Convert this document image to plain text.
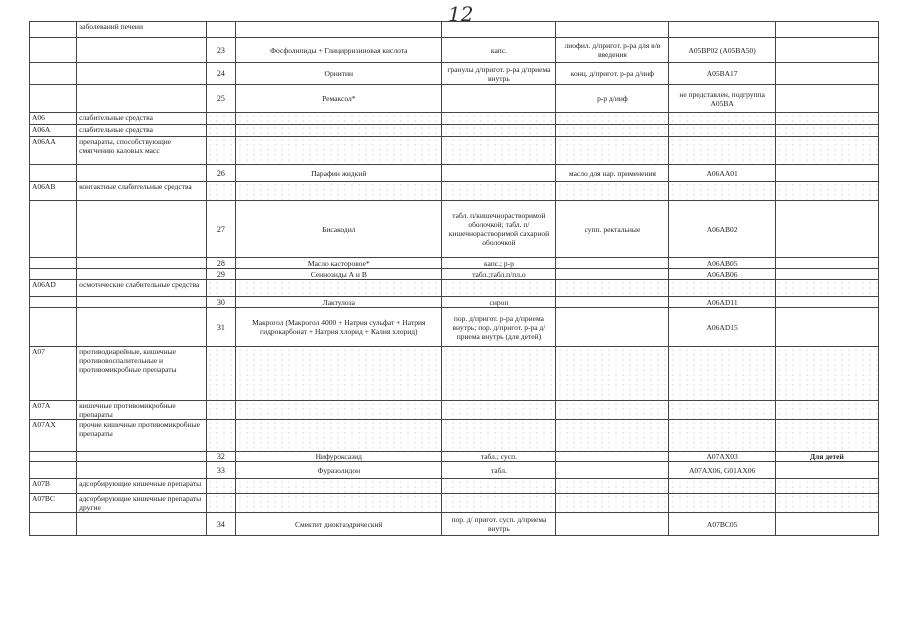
12
	заболеваний печени						
		23	Фосфолипиды + Глицирризиновая кислота	капс.	лиофил. д/пригот. р-ра для в/в введения	A05BP02 (A05BA50)	
		24	Орнитин	гранулы д/пригот. р-ра д/приема внутрь	конц. д/пригот. р-ра д/инф	A05BA17	
		25	Ремаксол*		р-р д/инф	не представлен, подгруппа A05BA	
A06	слабительные средства						
A06A	слабительные средства						
A06AA	препараты, способствующие смягчению каловых масс						
		26	Парафин жидкий		масло для нар. применения	A06AA01	
A06AB	контактные слабительные средства						
		27	Бисакодил	табл. п/кишечнорастворимой оболочкой; табл. п/кишечнорастворимой сахарной оболочкой	супп. ректальные	A06AB02	
		28	Масло касторовое*	капс.; р-р		A06AB05	
		29	Сеннозиды А и В	табл.;табл.п/пл.о		A06AB06	
A06AD	осмотические слабительные средства						
		30	Лактулоза	сироп		A06AD11	
		31	Макрогол (Макрогол 4000 + Натрия сульфат + Натрия гидрокарбонат + Натрия хлорид + Калия хлорид)	пор. д/пригот. р-ра д/приема внутрь; пор. д/пригот. р-ра д/приема внутрь (для детей)		A06AD15	
A07	противодиарейные, кишечные противовоспалительные и противомикробные препараты						
A07A	кишечные противомикробные препараты						
A07AX	прочие кишечные противомикробные препараты						
		32	Нифуроксазид	табл.; сусп.		A07AX03	Для детей
		33	Фуразолидон	табл.		A07AX06, G01AX06	
A07B	адсорбирующие кишечные препараты						
A07BC	адсорбирующие кишечные препараты другие						
		34	Смектит диоктаэдрический	пор. д/ пригот. сусп. д/приема внутрь		A07BC05	
